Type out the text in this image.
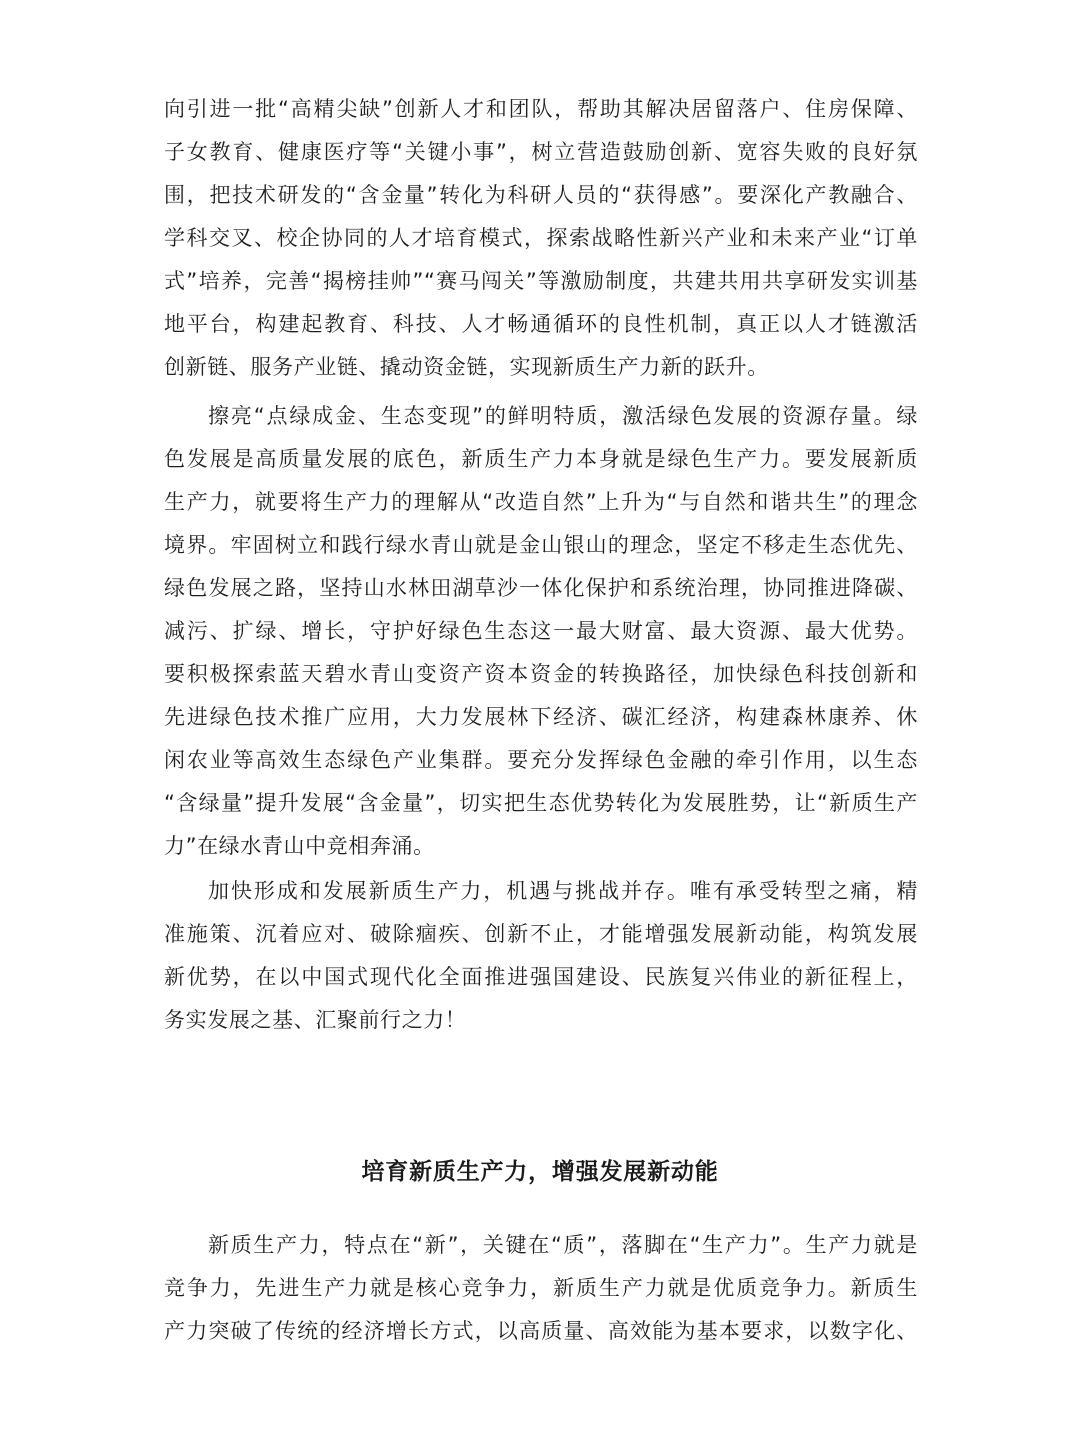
向引进一批“高精尖缺”创新人才和团队，帮助其解决居留落户、住房保障、
子女教育、健康医疗等“关键小事”，树立营造鼓励创新、宽容失败的良好氛
围，把技术研发的“含金量”转化为科研人员的“获得感”。要深化产教融合、
学科交叉、校企协同的人才培育模式，探索战略性新兴产业和未来产业“订单
式”培养，完善“揭榜挂帅”“赛马闯关”等激励制度，共建共用共享研发实训基
地平台，构建起教育、科技、人才畅通循环的良性机制，真正以人才链激活
创新链、服务产业链、撬动资金链，实现新质生产力新的跃升。
擦亮“点绿成金、生态变现”的鲜明特质，激活绿色发展的资源存量。绿
色发展是高质量发展的底色，新质生产力本身就是绿色生产力。要发展新质
生产力，就要将生产力的理解从“改造自然”上升为“与自然和谐共生”的理念
境界。牢固树立和践行绿水青山就是金山银山的理念，坚定不移走生态优先、
绿色发展之路，坚持山水林田湖草沙一体化保护和系统治理，协同推进降碳、
减污、扩绿、增长，守护好绿色生态这一最大财富、最大资源、最大优势。
要积极探索蓝天碧水青山变资产资本资金的转换路径，加快绿色科技创新和
先进绿色技术推广应用，大力发展林下经济、碳汇经济，构建森林康养、休
闲农业等高效生态绿色产业集群。要充分发挥绿色金融的牵引作用，以生态
“含绿量”提升发展“含金量”，切实把生态优势转化为发展胜势，让“新质生产
力”在绿水青山中竞相奔涌。
加快形成和发展新质生产力，机遇与挑战并存。唯有承受转型之痛，精
准施策、沉着应对、破除痼疾、创新不止，才能增强发展新动能，构筑发展
新优势，在以中国式现代化全面推进强国建设、民族复兴伟业的新征程上，
务实发展之基、汇聚前行之力！
培育新质生产力，增强发展新动能
新质生产力，特点在“新”，关键在“质”，落脚在“生产力”。生产力就是
竞争力，先进生产力就是核心竞争力，新质生产力就是优质竞争力。新质生
产力突破了传统的经济增长方式，以高质量、高效能为基本要求，以数字化、
